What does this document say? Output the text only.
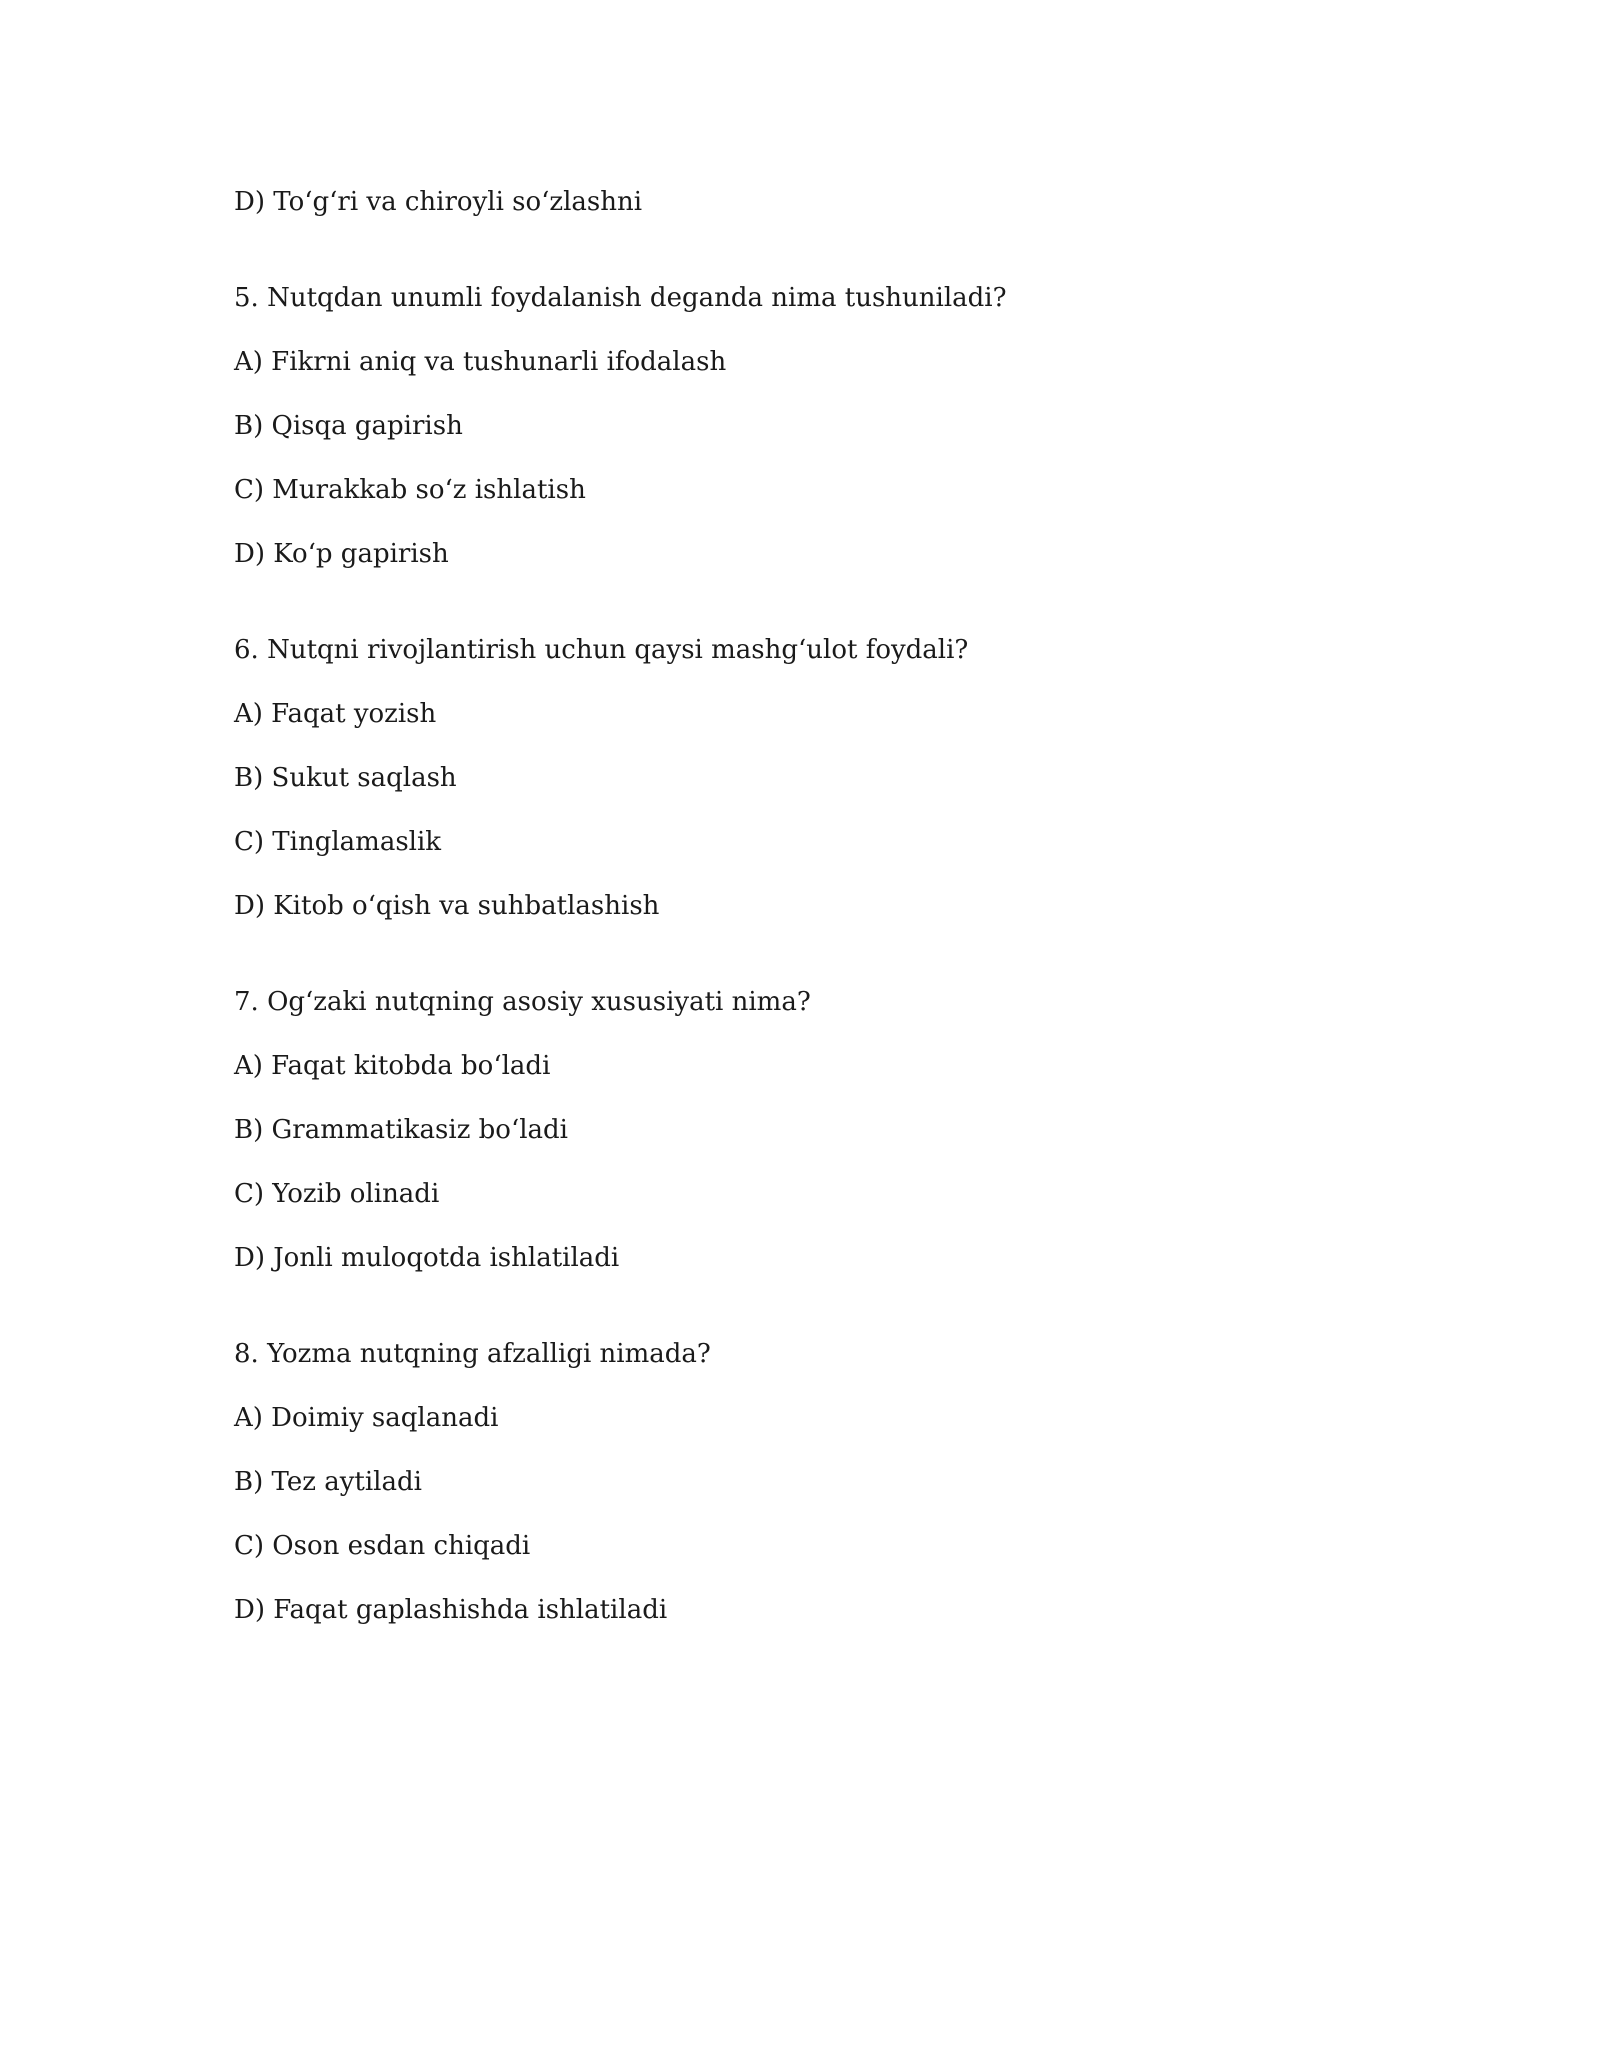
D) To‘g‘ri va chiroyli so‘zlashni
5. Nutqdan unumli foydalanish deganda nima tushuniladi?
A) Fikrni aniq va tushunarli ifodalash
B) Qisqa gapirish
C) Murakkab so‘z ishlatish
D) Ko‘p gapirish
6. Nutqni rivojlantirish uchun qaysi mashg‘ulot foydali?
A) Faqat yozish
B) Sukut saqlash
C) Tinglamaslik
D) Kitob o‘qish va suhbatlashish
7. Og‘zaki nutqning asosiy xususiyati nima?
A) Faqat kitobda bo‘ladi
B) Grammatikasiz bo‘ladi
C) Yozib olinadi
D) Jonli muloqotda ishlatiladi
8. Yozma nutqning afzalligi nimada?
A) Doimiy saqlanadi
B) Tez aytiladi
C) Oson esdan chiqadi
D) Faqat gaplashishda ishlatiladi
